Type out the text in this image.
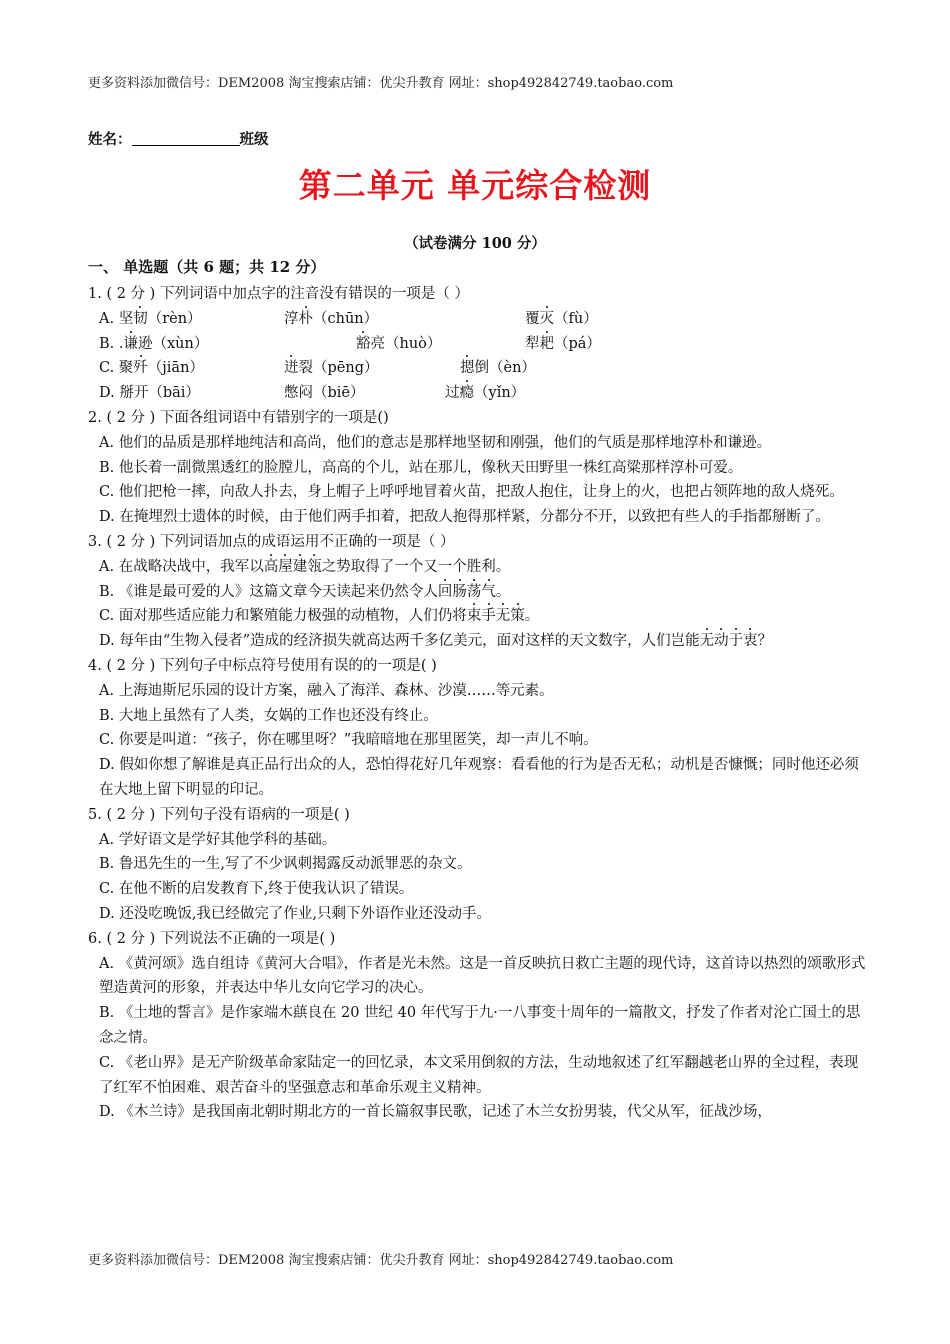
更多资料添加微信号：DEM2008 淘宝搜索店铺：优尖升教育 网址：shop492842749.taobao.com
姓名：	班级
第二单元 单元综合检测
（试卷满分 100 分）
一、 单选题（共 6 题；共 12 分）
1. ( 2 分 ) 下列词语中加点字的注音没有错误的一项是（ ）
A. 坚韧（rèn）	淳朴（chūn）	覆灭（fù）
B. .谦逊（xùn）	豁亮（huò）	犁耙（pá）
C. 聚歼（jiān）	迸裂（pēng）	摁倒（èn）
D. 掰开（bāi）	憋闷（biē）	过瘾（yǐn）
2. ( 2 分 ) 下面各组词语中有错别字的一项是()
A. 他们的品质是那样地纯洁和高尚，他们的意志是那样地坚韧和刚强，他们的气质是那样地淳朴和谦逊。
B. 他长着一副微黑透红的脸膛儿，高高的个儿，站在那儿，像秋天田野里一株红高粱那样淳朴可爱。
C. 他们把枪一摔，向敌人扑去，身上帽子上呼呼地冒着火苗，把敌人抱住，让身上的火，也把占领阵地的敌人烧死。
D. 在掩埋烈士遗体的时候，由于他们两手扣着，把敌人抱得那样紧，分都分不开，以致把有些人的手指都掰断了。
3. ( 2 分 ) 下列词语加点的成语运用不正确的一项是（ ）
A. 在战略决战中，我军以高屋建瓴之势取得了一个又一个胜利。
B. 《谁是最可爱的人》这篇文章今天读起来仍然令人回肠荡气。
C. 面对那些适应能力和繁殖能力极强的动植物，人们仍将束手无策。
D. 每年由“生物入侵者”造成的经济损失就高达两千多亿美元，面对这样的天文数字，人们岂能无动于衷？
4. ( 2 分 ) 下列句子中标点符号使用有误的的一项是( )
A. 上海迪斯尼乐园的设计方案，融入了海洋、森林、沙漠……等元素。
B. 大地上虽然有了人类，女娲的工作也还没有终止。
C. 你要是叫道：“孩子，你在哪里呀？”我暗暗地在那里匿笑，却一声儿不响。
D. 假如你想了解谁是真正品行出众的人，恐怕得花好几年观察：看看他的行为是否无私；动机是否慷慨；同时他还必须在大地上留下明显的印记。
5. ( 2 分 ) 下列句子没有语病的一项是( )
A. 学好语文是学好其他学科的基础。
B. 鲁迅先生的一生,写了不少讽刺揭露反动派罪恶的杂文。
C. 在他不断的启发教育下,终于使我认识了错误。
D. 还没吃晚饭,我已经做完了作业,只剩下外语作业还没动手。
6. ( 2 分 ) 下列说法不正确的一项是( )
A. 《黄河颂》选自组诗《黄河大合唱》，作者是光未然。这是一首反映抗日救亡主题的现代诗，这首诗以热烈的颂歌形式塑造黄河的形象，并表达中华儿女向它学习的决心。
B. 《土地的誓言》是作家端木蕻良在 20 世纪 40 年代写于九·一八事变十周年的一篇散文，抒发了作者对沦亡国土的思念之情。
C. 《老山界》是无产阶级革命家陆定一的回忆录，本文采用倒叙的方法，生动地叙述了红军翻越老山界的全过程，表现了红军不怕困难、艰苦奋斗的坚强意志和革命乐观主义精神。
D. 《木兰诗》是我国南北朝时期北方的一首长篇叙事民歌，记述了木兰女扮男装，代父从军，征战沙场，
更多资料添加微信号：DEM2008 淘宝搜索店铺：优尖升教育 网址：shop492842749.taobao.com
